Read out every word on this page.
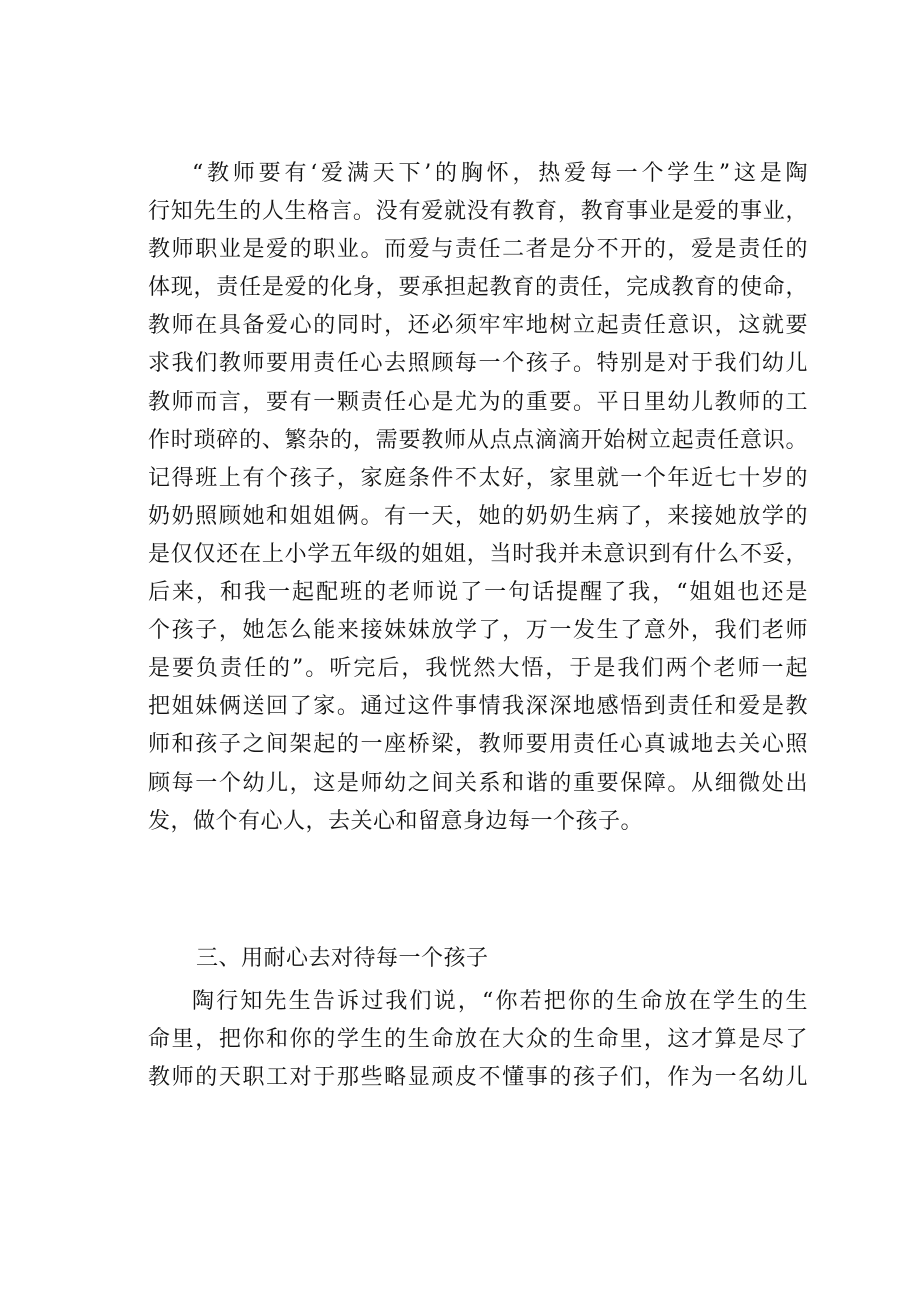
“教师要有‘爱满天下’的胸怀，热爱每一个学生”这是陶
行知先生的人生格言。没有爱就没有教育，教育事业是爱的事业，
教师职业是爱的职业。而爱与责任二者是分不开的，爱是责任的
体现，责任是爱的化身，要承担起教育的责任，完成教育的使命，
教师在具备爱心的同时，还必须牢牢地树立起责任意识，这就要
求我们教师要用责任心去照顾每一个孩子。特别是对于我们幼儿
教师而言，要有一颗责任心是尤为的重要。平日里幼儿教师的工
作时琐碎的、繁杂的，需要教师从点点滴滴开始树立起责任意识。
记得班上有个孩子，家庭条件不太好，家里就一个年近七十岁的
奶奶照顾她和姐姐俩。有一天，她的奶奶生病了，来接她放学的
是仅仅还在上小学五年级的姐姐，当时我并未意识到有什么不妥，
后来，和我一起配班的老师说了一句话提醒了我，“姐姐也还是
个孩子，她怎么能来接妹妹放学了，万一发生了意外，我们老师
是要负责任的”。听完后，我恍然大悟，于是我们两个老师一起
把姐妹俩送回了家。通过这件事情我深深地感悟到责任和爱是教
师和孩子之间架起的一座桥梁，教师要用责任心真诚地去关心照
顾每一个幼儿，这是师幼之间关系和谐的重要保障。从细微处出
发，做个有心人，去关心和留意身边每一个孩子。
三、用耐心去对待每一个孩子
陶行知先生告诉过我们说，“你若把你的生命放在学生的生
命里，把你和你的学生的生命放在大众的生命里，这才算是尽了
教师的天职工对于那些略显顽皮不懂事的孩子们，作为一名幼儿
